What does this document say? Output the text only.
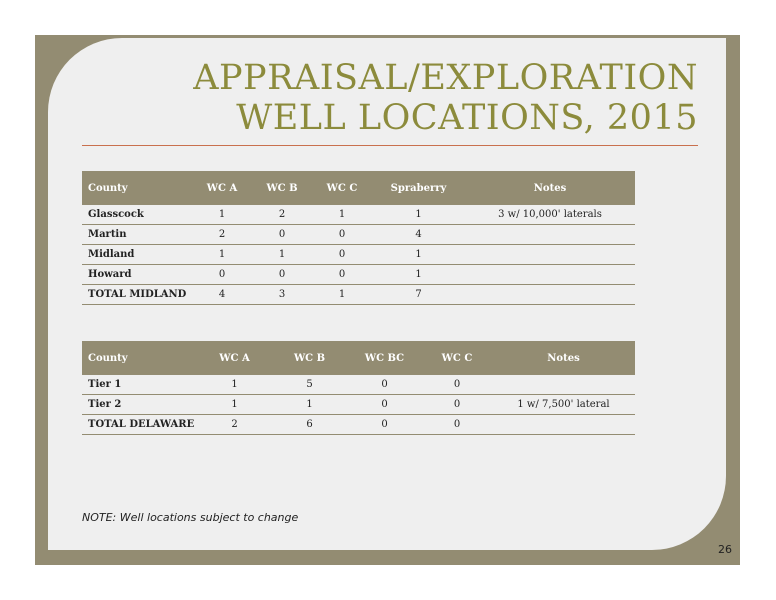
APPRAISAL/EXPLORATION
WELL LOCATIONS, 2015
County	WC A	WC B	WC C	Spraberry	Notes
Glasscock	1	2	1	1	3 w/ 10,000' laterals
Martin	2	0	0	4	
Midland	1	1	0	1	
Howard	0	0	0	1	
TOTAL MIDLAND	4	3	1	7	
County	WC A	WC B	WC BC	WC C	Notes
Tier 1	1	5	0	0	
Tier 2	1	1	0	0	1 w/ 7,500' lateral
TOTAL DELAWARE	2	6	0	0	
NOTE: Well locations subject to change
26
